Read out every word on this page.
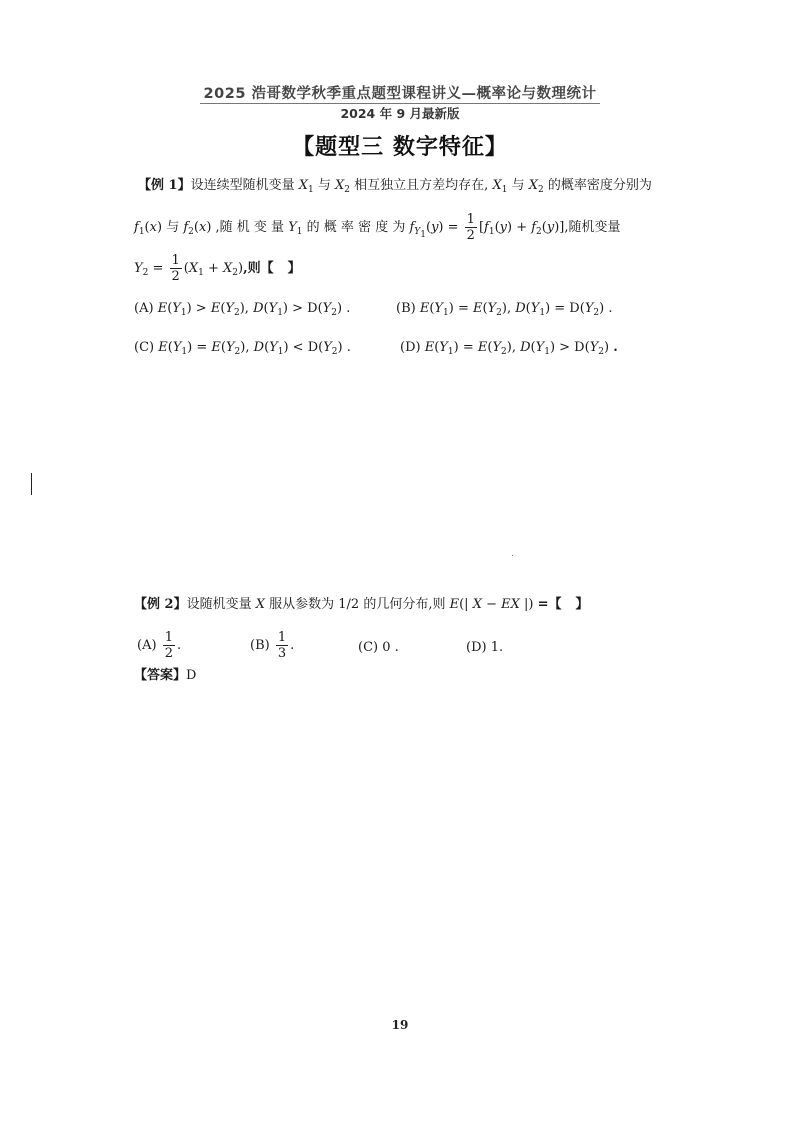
2025 浩哥数学秋季重点题型课程讲义—概率论与数理统计
2024 年 9 月最新版
【题型三 数字特征】
【例 1】设连续型随机变量 $X_1$ 与 $X_2$ 相互独立且方差均存在, $X_1$ 与 $X_2$ 的概率密度分别为
$f_1(x)$ 与 $f_2(x)$ ,随 机 变 量 $Y_1$ 的 概 率 密 度 为 $f_{Y_1}(y) = \frac{1}{2} [f_1(y) + f_2(y)]$,随机变量
$Y_2 = \frac{1}{2} (X_1 + X_2)$,则【 】
(A) $E(Y_1) > E(Y_2)$, $D(Y_1) > D(Y_2)$ .	(B) $E(Y_1) = E(Y_2)$, $D(Y_1) = D(Y_2)$ .
(C) $E(Y_1) = E(Y_2)$, $D(Y_1) < D(Y_2)$ .	(D) $E(Y_1) = E(Y_2)$, $D(Y_1) > D(Y_2)$ .
【例 2】设随机变量 X 服从参数为 1/2 的几何分布,则 E(| X − EX |) =【 】
$(A) \frac{1}{2}$ .	$(B) \frac{1}{3}$ .	(C) 0 .	(D) 1.
【答案】D
19
